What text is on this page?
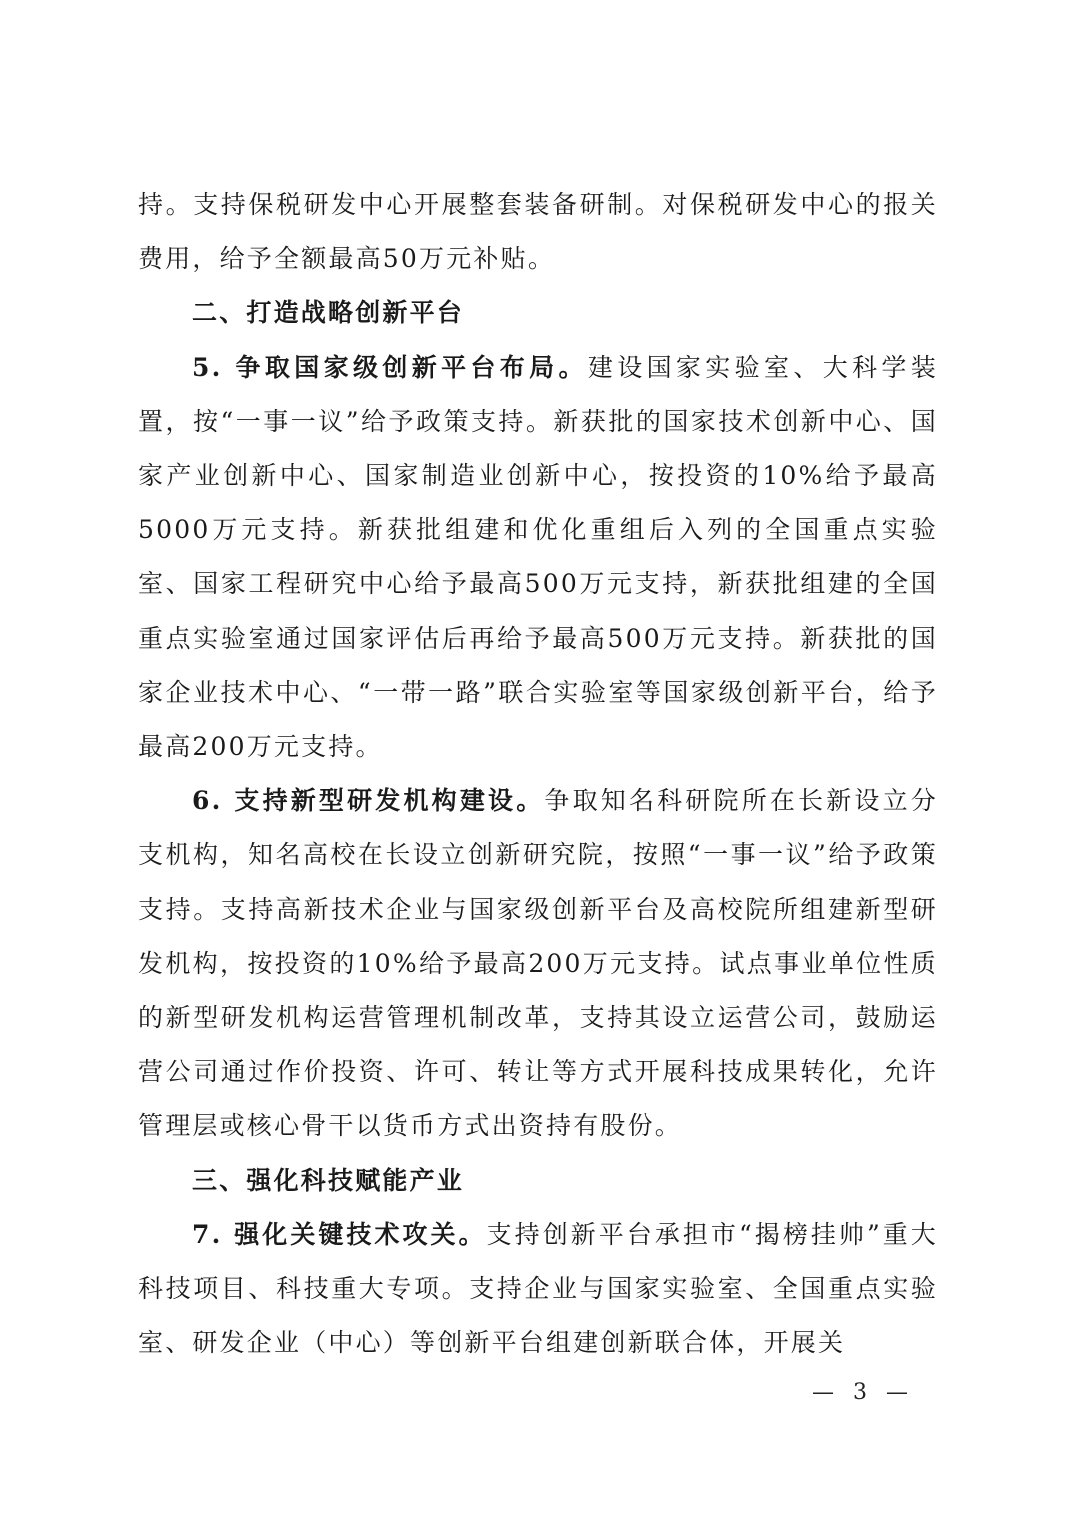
持。支持保税研发中心开展整套装备研制。对保税研发中心的报关费用，给予全额最高50万元补贴。

二、打造战略创新平台

5. 争取国家级创新平台布局。建设国家实验室、大科学装置，按“一事一议”给予政策支持。新获批的国家技术创新中心、国家产业创新中心、国家制造业创新中心，按投资的10%给予最高5000万元支持。新获批组建和优化重组后入列的全国重点实验室、国家工程研究中心给予最高500万元支持，新获批组建的全国重点实验室通过国家评估后再给予最高500万元支持。新获批的国家企业技术中心、“一带一路”联合实验室等国家级创新平台，给予最高200万元支持。

6. 支持新型研发机构建设。争取知名科研院所在长新设立分支机构，知名高校在长设立创新研究院，按照“一事一议”给予政策支持。支持高新技术企业与国家级创新平台及高校院所组建新型研发机构，按投资的10%给予最高200万元支持。试点事业单位性质的新型研发机构运营管理机制改革，支持其设立运营公司，鼓励运营公司通过作价投资、许可、转让等方式开展科技成果转化，允许管理层或核心骨干以货币方式出资持有股份。

三、强化科技赋能产业

7. 强化关键技术攻关。支持创新平台承担市“揭榜挂帅”重大科技项目、科技重大专项。支持企业与国家实验室、全国重点实验室、研发企业（中心）等创新平台组建创新联合体，开展关

— 3 —
